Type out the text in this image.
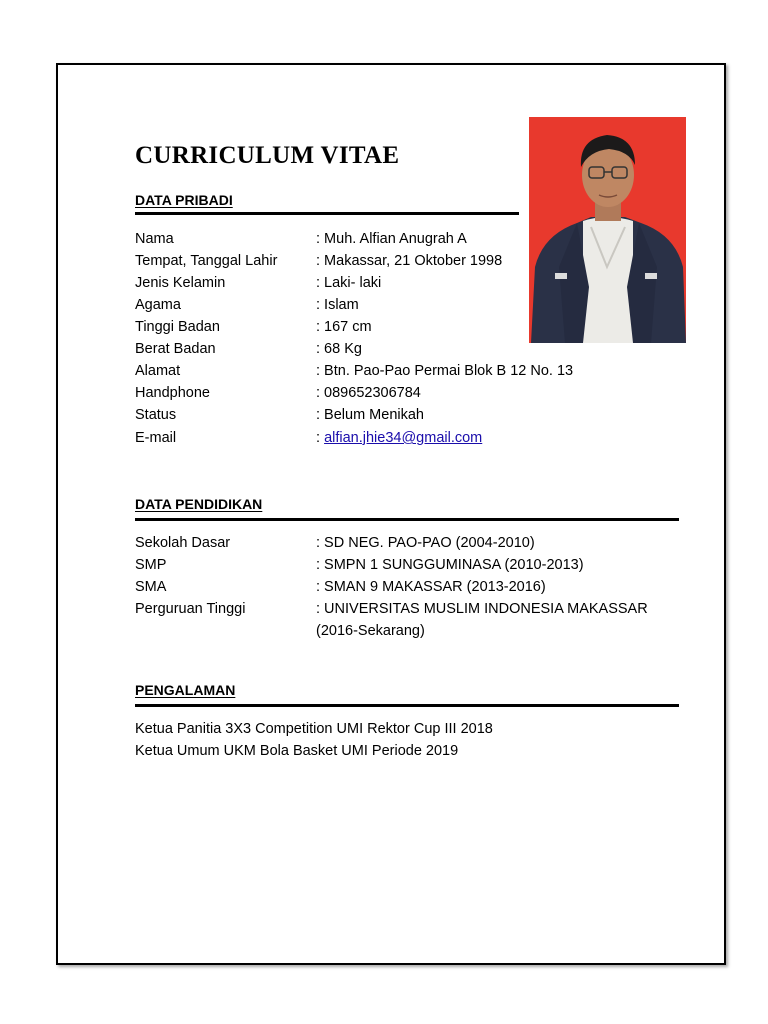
CURRICULUM VITAE
DATA PRIBADI
Nama	: Muh. Alfian Anugrah A
Tempat, Tanggal Lahir	: Makassar, 21 Oktober 1998
Jenis Kelamin	: Laki- laki
Agama	: Islam
Tinggi Badan	: 167 cm
Berat Badan	: 68 Kg
Alamat	: Btn. Pao-Pao Permai Blok B 12 No. 13
Handphone	: 089652306784
Status	: Belum Menikah
E-mail	: alfian.jhie34@gmail.com
DATA PENDIDIKAN
Sekolah Dasar	: SD NEG. PAO-PAO (2004-2010)
SMP	: SMPN 1 SUNGGUMINASA (2010-2013)
SMA	: SMAN 9 MAKASSAR (2013-2016)
Perguruan Tinggi	: UNIVERSITAS MUSLIM INDONESIA MAKASSAR
(2016-Sekarang)
PENGALAMAN
Ketua Panitia 3X3 Competition UMI Rektor Cup III 2018
Ketua Umum UKM Bola Basket UMI Periode 2019
